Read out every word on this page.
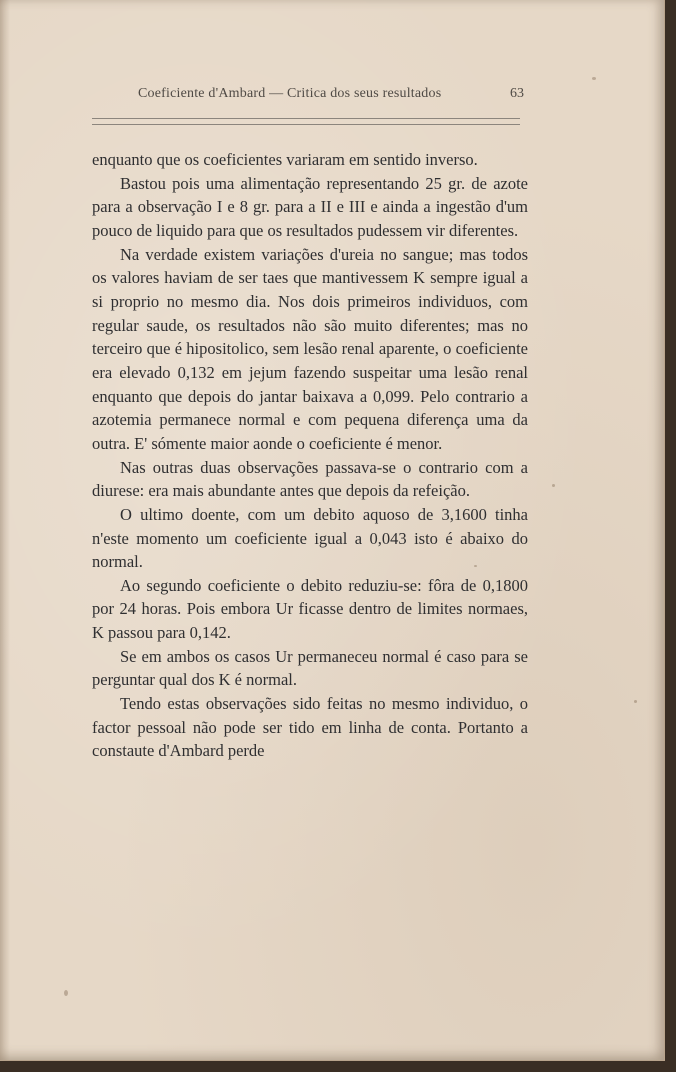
Coeficiente d'Ambard — Critica dos seus resultados	63

enquanto que os coeficientes variaram em sentido inverso.

Bastou pois uma alimentação representando 25 gr. de azote para a observação I e 8 gr. para a II e III e ainda a ingestão d'um pouco de liquido para que os resultados pudessem vir diferentes.

Na verdade existem variações d'ureia no sangue; mas todos os valores haviam de ser taes que mantivessem K sempre igual a si proprio no mesmo dia. Nos dois primeiros individuos, com regular saude, os resultados não são muito diferentes; mas no terceiro que é hipositolico, sem lesão renal aparente, o coeficiente era elevado 0,132 em jejum fazendo suspeitar uma lesão renal enquanto que depois do jantar baixava a 0,099. Pelo contrario a azotemia permanece normal e com pequena diferença uma da outra. E' sómente maior aonde o coeficiente é menor.

Nas outras duas observações passava-se o contrario com a diurese: era mais abundante antes que depois da refeição.

O ultimo doente, com um debito aquoso de 3,1600 tinha n'este momento um coeficiente igual a 0,043 isto é abaixo do normal.

Ao segundo coeficiente o debito reduziu-se: fôra de 0,1800 por 24 horas. Pois embora Ur ficasse dentro de limites normaes, K passou para 0,142.

Se em ambos os casos Ur permaneceu normal é caso para se perguntar qual dos K é normal.

Tendo estas observações sido feitas no mesmo individuo, o factor pessoal não pode ser tido em linha de conta. Portanto a constaute d'Ambard perde
